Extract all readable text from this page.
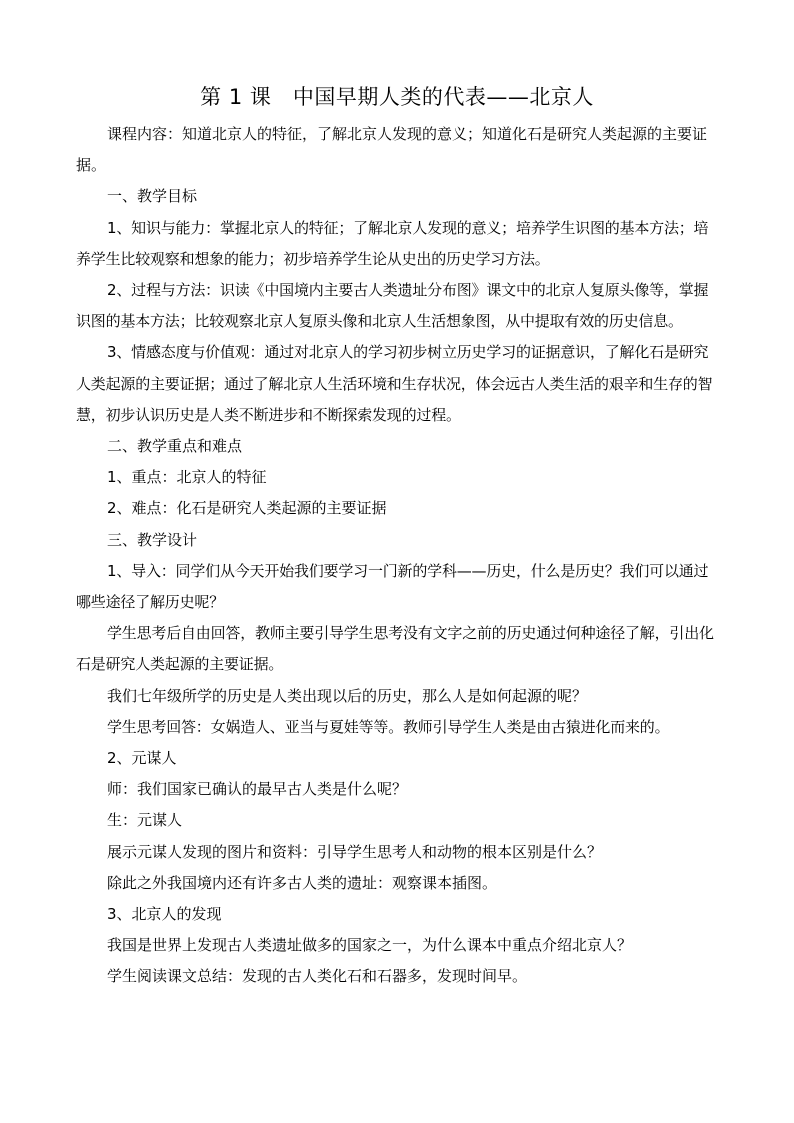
第 1 课　中国早期人类的代表——北京人

课程内容：知道北京人的特征，了解北京人发现的意义；知道化石是研究人类起源的主要证据。

一、教学目标

1、知识与能力：掌握北京人的特征；了解北京人发现的意义；培养学生识图的基本方法；培养学生比较观察和想象的能力；初步培养学生论从史出的历史学习方法。

2、过程与方法：识读《中国境内主要古人类遗址分布图》课文中的北京人复原头像等，掌握识图的基本方法；比较观察北京人复原头像和北京人生活想象图，从中提取有效的历史信息。

3、情感态度与价值观：通过对北京人的学习初步树立历史学习的证据意识，了解化石是研究人类起源的主要证据；通过了解北京人生活环境和生存状况，体会远古人类生活的艰辛和生存的智慧，初步认识历史是人类不断进步和不断探索发现的过程。

二、教学重点和难点

1、重点：北京人的特征

2、难点：化石是研究人类起源的主要证据

三、教学设计

1、导入：同学们从今天开始我们要学习一门新的学科——历史，什么是历史？我们可以通过哪些途径了解历史呢？

学生思考后自由回答，教师主要引导学生思考没有文字之前的历史通过何种途径了解，引出化石是研究人类起源的主要证据。

我们七年级所学的历史是人类出现以后的历史，那么人是如何起源的呢？

学生思考回答：女娲造人、亚当与夏娃等等。教师引导学生人类是由古猿进化而来的。

2、元谋人

师：我们国家已确认的最早古人类是什么呢？

生：元谋人

展示元谋人发现的图片和资料：引导学生思考人和动物的根本区别是什么？

除此之外我国境内还有许多古人类的遗址：观察课本插图。

3、北京人的发现

我国是世界上发现古人类遗址做多的国家之一，为什么课本中重点介绍北京人？

学生阅读课文总结：发现的古人类化石和石器多，发现时间早。
